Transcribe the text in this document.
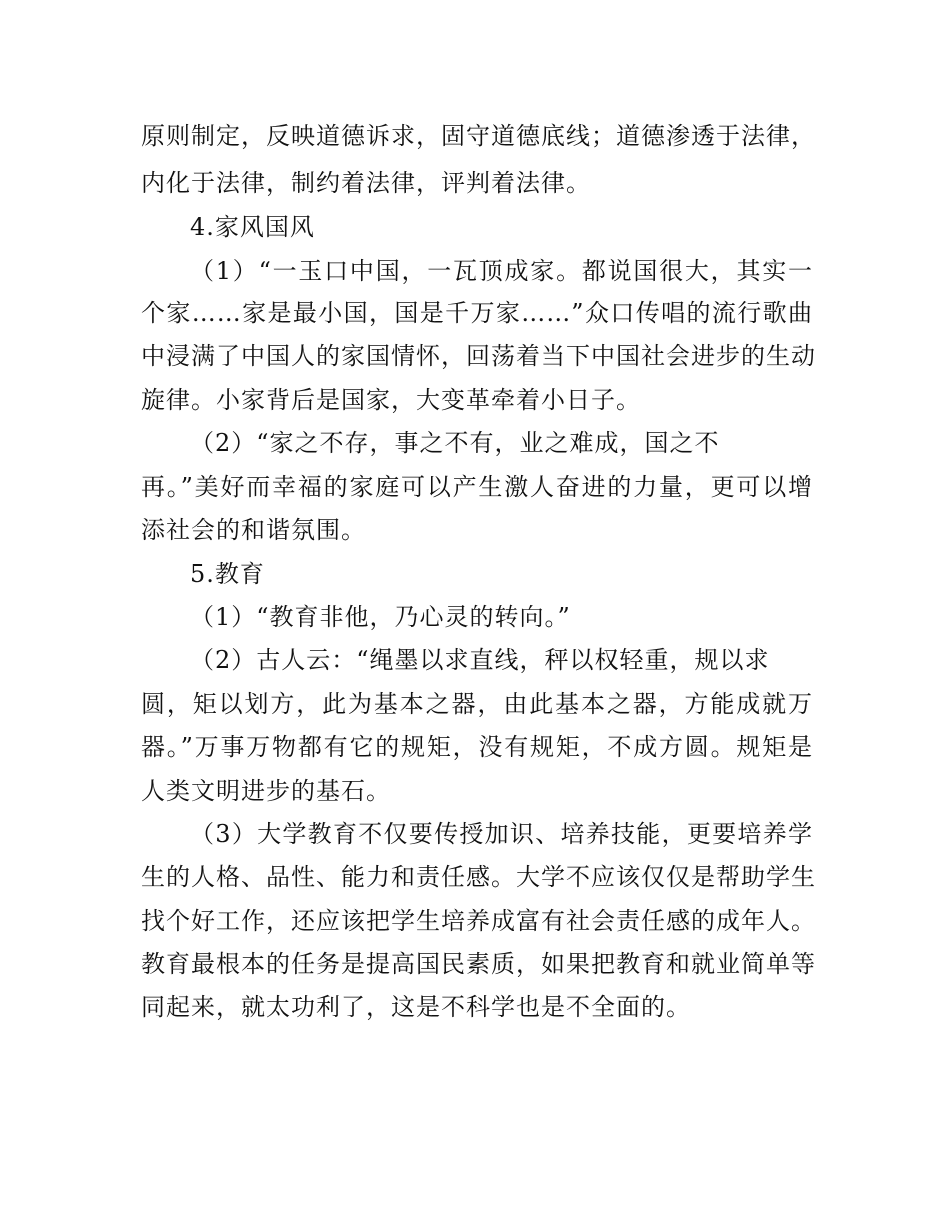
原则制定，反映道德诉求，固守道德底线；道德渗透于法律，
内化于法律，制约着法律，评判着法律。
4.家风国风
（1）“一玉口中国，一瓦顶成家。都说国很大，其实一
个家……家是最小国，国是千万家……”众口传唱的流行歌曲
中浸满了中国人的家国情怀，回荡着当下中国社会进步的生动
旋律。小家背后是国家，大变革牵着小日子。
（2）“家之不存，事之不有，业之难成，国之不
再。”美好而幸福的家庭可以产生激人奋进的力量，更可以增
添社会的和谐氛围。
5.教育
（1）“教育非他，乃心灵的转向。”
（2）古人云：“绳墨以求直线，秤以权轻重，规以求
圆，矩以划方，此为基本之器，由此基本之器，方能成就万
器。”万事万物都有它的规矩，没有规矩，不成方圆。规矩是
人类文明进步的基石。
（3）大学教育不仅要传授加识、培养技能，更要培养学
生的人格、品性、能力和责任感。大学不应该仅仅是帮助学生
找个好工作，还应该把学生培养成富有社会责任感的成年人。
教育最根本的任务是提高国民素质，如果把教育和就业简单等
同起来，就太功利了，这是不科学也是不全面的。
